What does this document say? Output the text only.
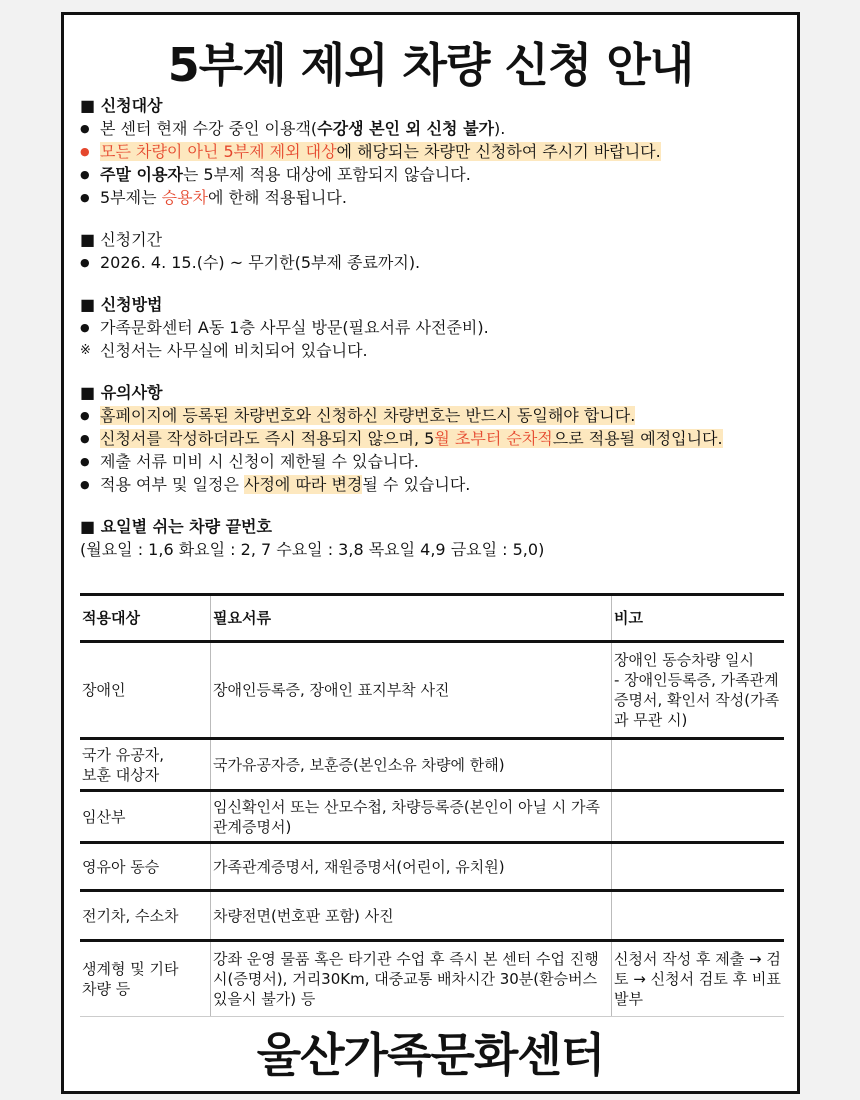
5부제 제외 차량 신청 안내
■ 신청대상
● 본 센터 현재 수강 중인 이용객(수강생 본인 외 신청 불가).
● 모든 차량이 아닌 5부제 제외 대상에 해당되는 차량만 신청하여 주시기 바랍니다.
● 주말 이용자는 5부제 적용 대상에 포함되지 않습니다.
● 5부제는 승용차에 한해 적용됩니다.
■ 신청기간
● 2026. 4. 15.(수) ~ 무기한(5부제 종료까지).
■ 신청방법
● 가족문화센터 A동 1층 사무실 방문(필요서류 사전준비).
※ 신청서는 사무실에 비치되어 있습니다.
■ 유의사항
● 홈페이지에 등록된 차량번호와 신청하신 차량번호는 반드시 동일해야 합니다.
● 신청서를 작성하더라도 즉시 적용되지 않으며, 5월 초부터 순차적으로 적용될 예정입니다.
● 제출 서류 미비 시 신청이 제한될 수 있습니다.
● 적용 여부 및 일정은 사정에 따라 변경될 수 있습니다.
■ 요일별 쉬는 차량 끝번호
(월요일 : 1,6 화요일 : 2, 7 수요일 : 3,8 목요일 4,9 금요일 : 5,0)
적용대상	필요서류	비고
장애인	장애인등록증, 장애인 표지부착 사진	장애인 동승차량 일시
- 장애인등록증, 가족관계증명서, 확인서 작성(가족과 무관 시)
국가 유공자,
보훈 대상자	국가유공자증, 보훈증(본인소유 차량에 한해)	
임산부	임신확인서 또는 산모수첩, 차량등록증(본인이 아닐 시 가족관계증명서)	
영유아 동승	가족관계증명서, 재원증명서(어린이, 유치원)	
전기차, 수소차	차량전면(번호판 포함) 사진	
생계형 및 기타
차량 등	강좌 운영 물품 혹은 타기관 수업 후 즉시 본 센터 수업 진행 시(증명서), 거리30Km, 대중교통 배차시간 30분(환승버스 있을시 불가) 등	신청서 작성 후 제출 → 검토 → 신청서 검토 후 비표 발부
울산가족문화센터
